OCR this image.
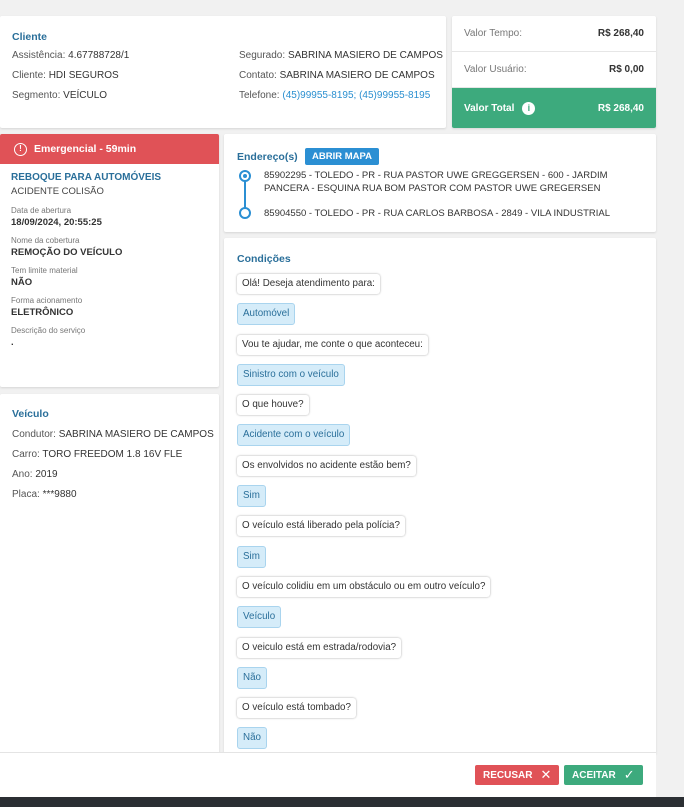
Cliente
Assistência: 4.67788728/1
Cliente: HDI SEGUROS
Segmento: VEÍCULO
Segurado: SABRINA MASIERO DE CAMPOS
Contato: SABRINA MASIERO DE CAMPOS
Telefone: (45)99955-8195; (45)99955-8195
Valor Tempo:	R$ 268,40
Valor Usuário:	R$ 0,00
Valor Total i	R$ 268,40
!	Emergencial - 59min
REBOQUE PARA AUTOMÓVEIS
ACIDENTE COLISÃO
Data de abertura
18/09/2024, 20:55:25
Nome da cobertura
REMOÇÃO DO VEÍCULO
Tem limite material
NÃO
Forma acionamento
ELETRÔNICO
Descrição do serviço
.
Veículo
Condutor: SABRINA MASIERO DE CAMPOS
Carro: TORO FREEDOM 1.8 16V FLE
Ano: 2019
Placa: ***9880
Endereço(s)	ABRIR MAPA
85902295 - TOLEDO - PR - RUA PASTOR UWE GREGGERSEN - 600 - JARDIM
PANCERA - ESQUINA RUA BOM PASTOR COM PASTOR UWE GREGERSEN
85904550 - TOLEDO - PR - RUA CARLOS BARBOSA - 2849 - VILA INDUSTRIAL
Condições
Olá! Deseja atendimento para:
Automóvel
Vou te ajudar, me conte o que aconteceu:
Sinistro com o veículo
O que houve?
Acidente com o veículo
Os envolvidos no acidente estão bem?
Sim
O veículo está liberado pela polícia?
Sim
O veículo colidiu em um obstáculo ou em outro veículo?
Veículo
O veiculo está em estrada/rodovia?
Não
O veículo está tombado?
Não
RECUSAR ✕ ACEITAR ✓
